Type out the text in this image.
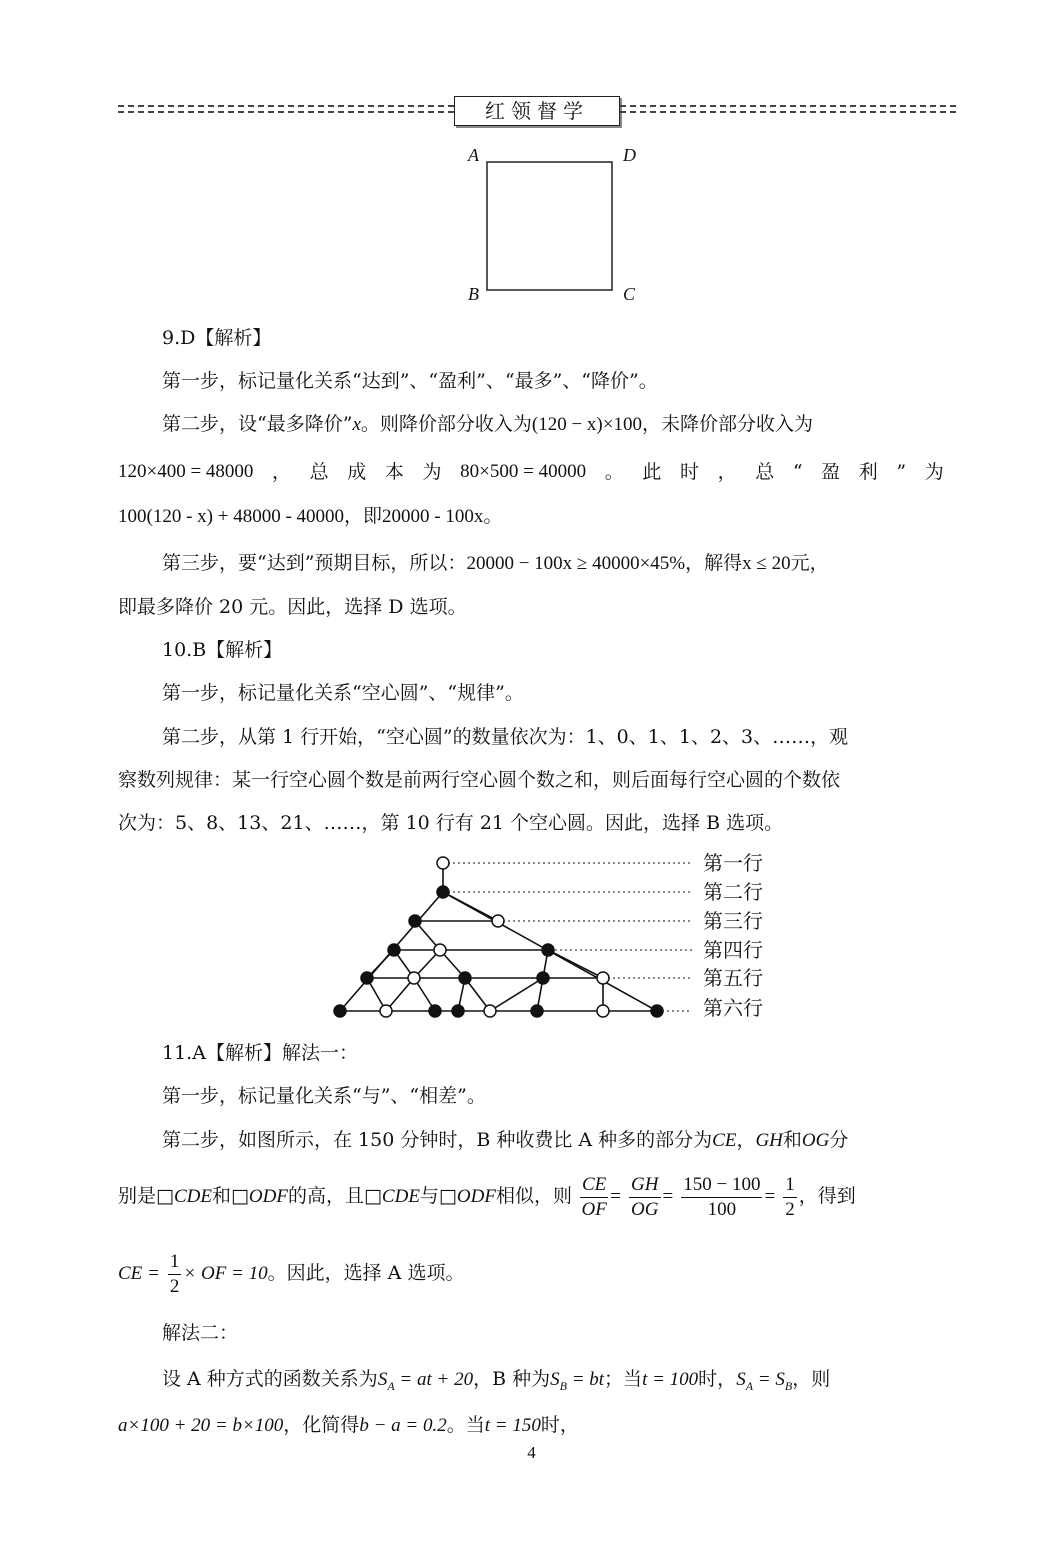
红领督学
A	D
B	C
9.D【解析】
第一步，标记量化关系“达到”、“盈利”、“最多”、“降价”。
第二步，设“最多降价”x。则降价部分收入为(120 − x)×100，未降价部分收入为
120×400 = 48000 ， 总 成 本 为 80×500 = 40000 。 此 时 ， 总 “ 盈 利 ” 为
100(120 - x) + 48000 - 40000，即20000 - 100x。
第三步，要“达到”预期目标，所以：20000 − 100x ≥ 40000×45%，解得x ≤ 20元，
即最多降价 20 元。因此，选择 D 选项。
10.B【解析】
第一步，标记量化关系“空心圆”、“规律”。
第二步，从第 1 行开始，“空心圆”的数量依次为：1、0、1、1、2、3、……，观
察数列规律：某一行空心圆个数是前两行空心圆个数之和，则后面每行空心圆的个数依
次为：5、8、13、21、……，第 10 行有 21 个空心圆。因此，选择 B 选项。
第一行
第二行
第三行
第四行
第五行
第六行
11.A【解析】解法一：
第一步，标记量化关系“与”、“相差”。
第二步，如图所示，在 150 分钟时，B 种收费比 A 种多的部分为CE，GH和OG分
别是□CDE和□ODF的高，且□CDE与□ODF相似，则 $\frac{CE}{OF} = \frac{GH}{OG} = \frac{150 - 100}{100} = \frac{1}{2}$ ，得到
CE = $\frac{1}{2}$ × OF = 10。因此，选择 A 选项。
解法二：
设 A 种方式的函数关系为$S_A$ = at + 20，B 种为$S_B$ = bt；当t = 100时，$S_A = S_B$，则
a×100 + 20 = b×100，化简得b − a = 0.2。当t = 150时，
4
